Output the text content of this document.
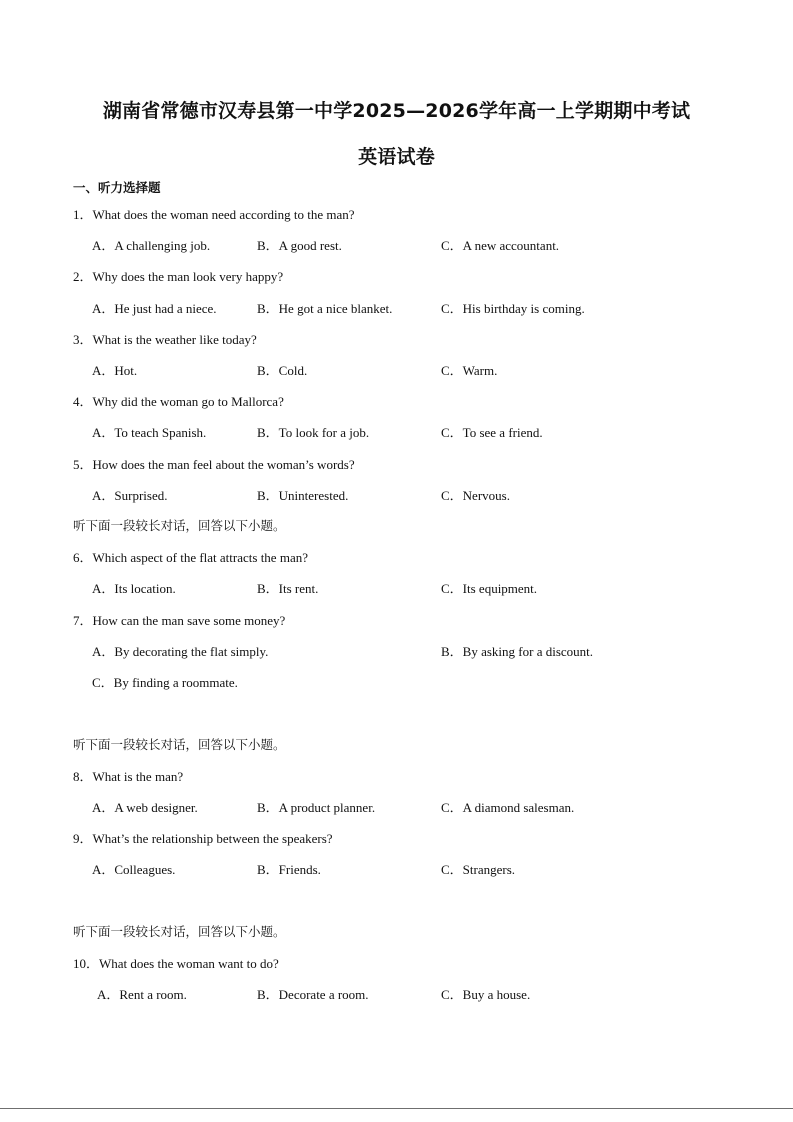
湖南省常德市汉寿县第一中学2025—2026学年高一上学期期中考试
英语试卷
一、听力选择题
1．What does the woman need according to the man?
A．A challenging job.	B．A good rest.	C．A new accountant.
2．Why does the man look very happy?
A．He just had a niece.	B．He got a nice blanket.	C．His birthday is coming.
3．What is the weather like today?
A．Hot.	B．Cold.	C．Warm.
4．Why did the woman go to Mallorca?
A．To teach Spanish.	B．To look for a job.	C．To see a friend.
5．How does the man feel about the woman’s words?
A．Surprised.	B．Uninterested.	C．Nervous.
听下面一段较长对话，回答以下小题。
6．Which aspect of the flat attracts the man?
A．Its location.	B．Its rent.	C．Its equipment.
7．How can the man save some money?
A．By decorating the flat simply.	B．By asking for a discount.
C．By finding a roommate.
听下面一段较长对话，回答以下小题。
8．What is the man?
A．A web designer.	B．A product planner.	C．A diamond salesman.
9．What’s the relationship between the speakers?
A．Colleagues.	B．Friends.	C．Strangers.
听下面一段较长对话，回答以下小题。
10．What does the woman want to do?
A．Rent a room.	B．Decorate a room.	C．Buy a house.
